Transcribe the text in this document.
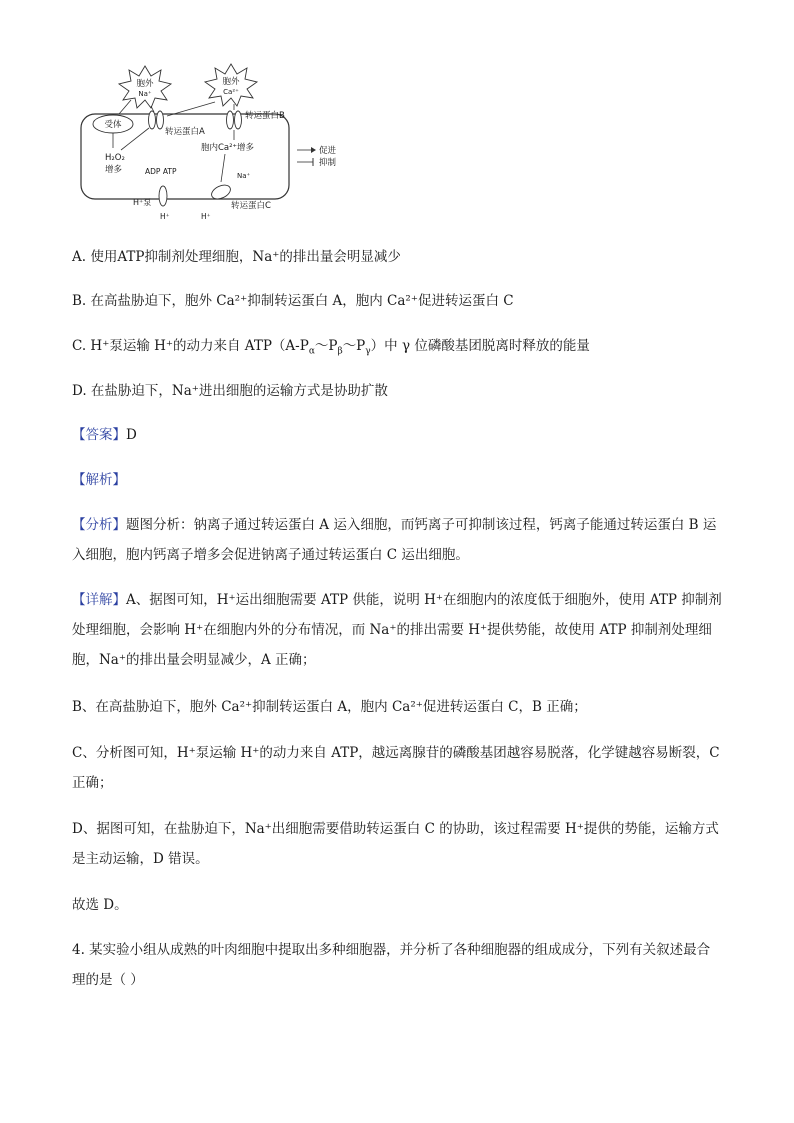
胞外
Na⁺
胞外
Ca²⁺
受体
转运蛋白A
转运蛋白B
H₂O₂
增多
胞内Ca²⁺增多
ADP ATP
H⁺泵
H⁺
Na⁺
H⁺
转运蛋白C
促进
抑制

A. 使用ATP抑制剂处理细胞，Na⁺的排出量会明显减少

B. 在高盐胁迫下，胞外 Ca²⁺抑制转运蛋白 A，胞内 Ca²⁺促进转运蛋白 C

C. H⁺泵运输 H⁺的动力来自 $ATP(A-P_\alpha\sim P_\beta\sim P_\gamma)$中 γ 位磷酸基团脱离时释放的能量

D. 在盐胁迫下，Na⁺进出细胞的运输方式是协助扩散

【答案】D

【解析】

【分析】题图分析：钠离子通过转运蛋白 A 运入细胞，而钙离子可抑制该过程，钙离子能通过转运蛋白 B 运入细胞，胞内钙离子增多会促进钠离子通过转运蛋白 C 运出细胞。

【详解】A、据图可知，H⁺运出细胞需要 ATP 供能，说明 H⁺在细胞内的浓度低于细胞外，使用 ATP 抑制剂处理细胞，会影响 H⁺在细胞内外的分布情况，而 Na⁺的排出需要 H⁺提供势能，故使用 ATP 抑制剂处理细胞，Na⁺的排出量会明显减少，A 正确；

B、在高盐胁迫下，胞外 Ca²⁺抑制转运蛋白 A，胞内 Ca²⁺促进转运蛋白 C，B 正确；

C、分析图可知，H⁺泵运输 H⁺的动力来自 ATP，越远离腺苷的磷酸基团越容易脱落，化学键越容易断裂，C 正确；

D、据图可知，在盐胁迫下，Na⁺出细胞需要借助转运蛋白 C 的协助，该过程需要 H⁺提供的势能，运输方式是主动运输，D 错误。

故选 D。

4. 某实验小组从成熟的叶肉细胞中提取出多种细胞器，并分析了各种细胞器的组成成分，下列有关叙述最合理的是（ ）
